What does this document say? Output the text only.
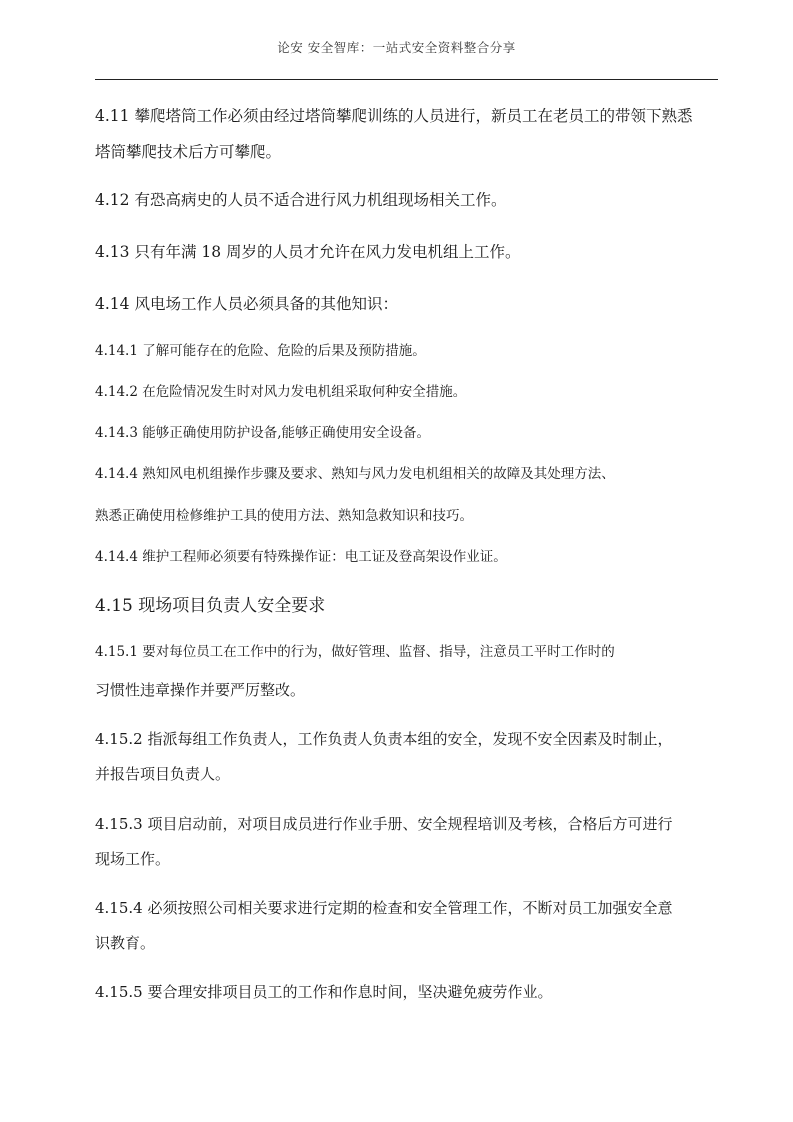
论安 安全智库：一站式安全资料整合分享
4.11 攀爬塔筒工作必须由经过塔筒攀爬训练的人员进行，新员工在老员工的带领下熟悉
塔筒攀爬技术后方可攀爬。
4.12 有恐高病史的人员不适合进行风力机组现场相关工作。
4.13 只有年满 18 周岁的人员才允许在风力发电机组上工作。
4.14 风电场工作人员必须具备的其他知识：
4.14.1 了解可能存在的危险、危险的后果及预防措施。
4.14.2 在危险情况发生时对风力发电机组采取何种安全措施。
4.14.3 能够正确使用防护设备,能够正确使用安全设备。
4.14.4 熟知风电机组操作步骤及要求、熟知与风力发电机组相关的故障及其处理方法、
熟悉正确使用检修维护工具的使用方法、熟知急救知识和技巧。
4.14.4 维护工程师必须要有特殊操作证：电工证及登高架设作业证。
4.15 现场项目负责人安全要求
4.15.1 要对每位员工在工作中的行为，做好管理、监督、指导，注意员工平时工作时的
习惯性违章操作并要严厉整改。
4.15.2 指派每组工作负责人，工作负责人负责本组的安全，发现不安全因素及时制止，
并报告项目负责人。
4.15.3 项目启动前，对项目成员进行作业手册、安全规程培训及考核，合格后方可进行
现场工作。
4.15.4 必须按照公司相关要求进行定期的检查和安全管理工作，不断对员工加强安全意
识教育。
4.15.5 要合理安排项目员工的工作和作息时间，坚决避免疲劳作业。
